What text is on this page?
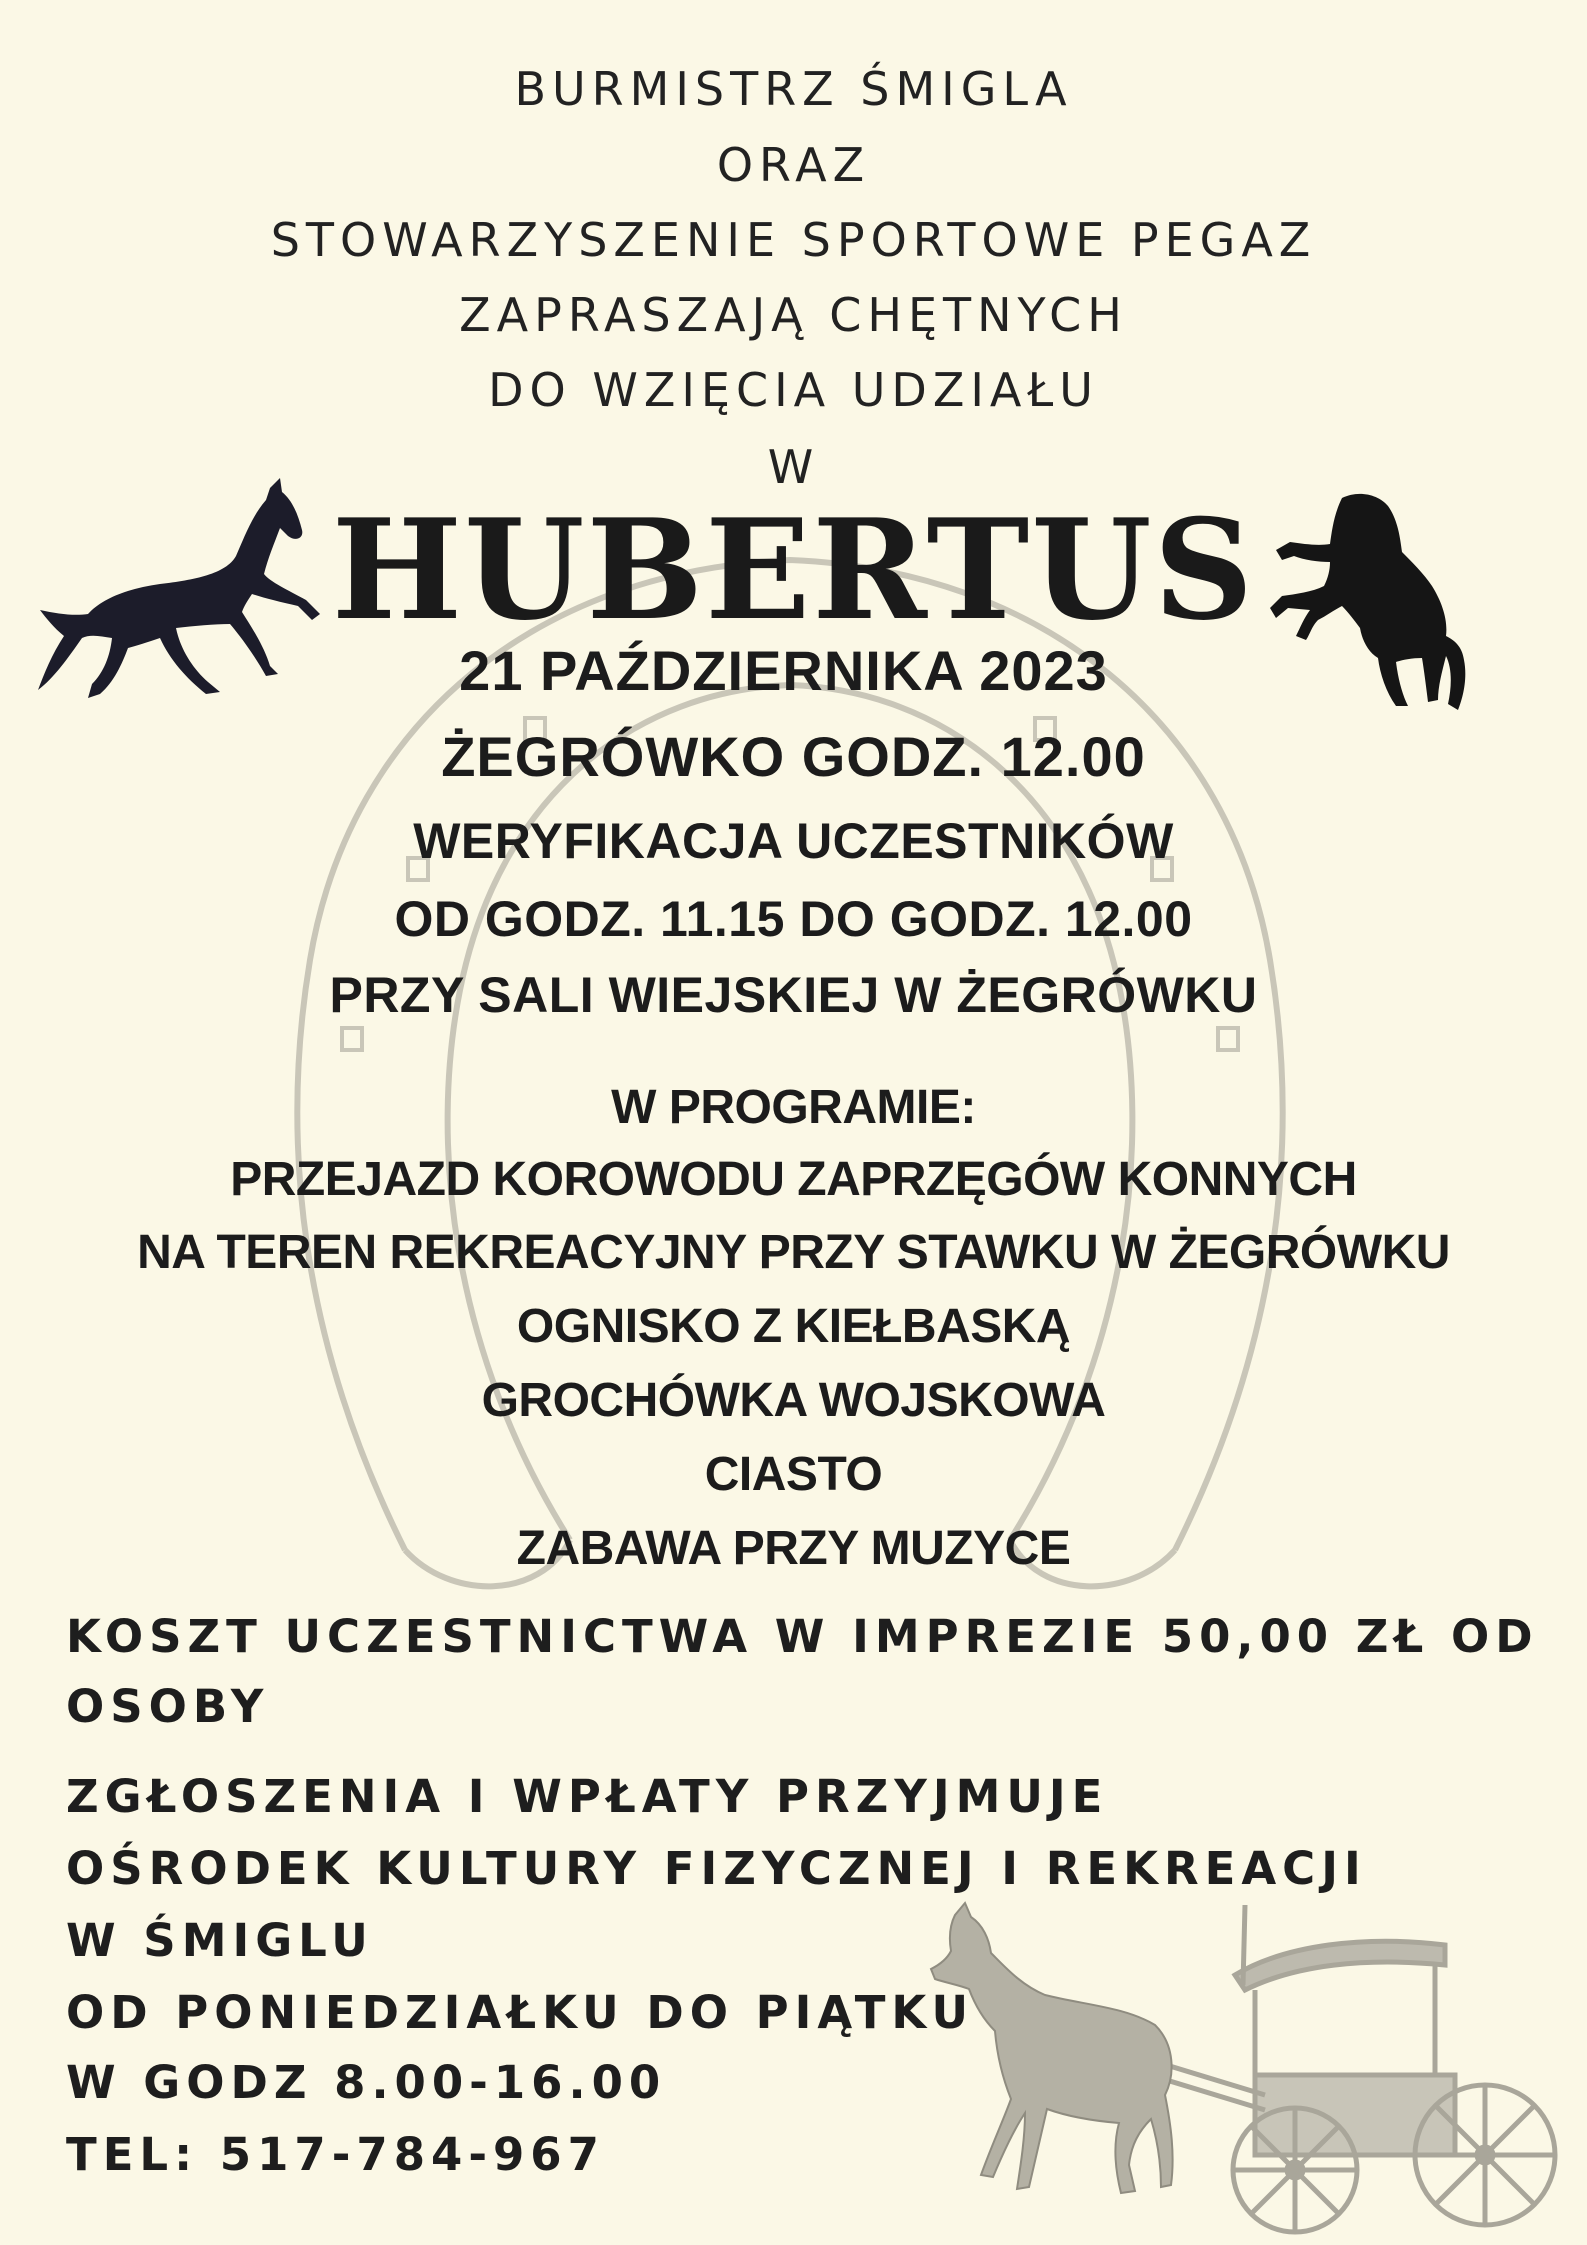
BURMISTRZ ŚMIGLA
ORAZ
STOWARZYSZENIE SPORTOWE PEGAZ
ZAPRASZAJĄ CHĘTNYCH
DO WZIĘCIA UDZIAŁU
W
HUBERTUS
21 PAŹDZIERNIKA 2023
ŻEGRÓWKO GODZ. 12.00
WERYFIKACJA UCZESTNIKÓW
OD GODZ. 11.15 DO GODZ. 12.00
PRZY SALI WIEJSKIEJ W ŻEGRÓWKU
W PROGRAMIE:
PRZEJAZD KOROWODU ZAPRZĘGÓW KONNYCH
NA TEREN REKREACYJNY PRZY STAWKU W ŻEGRÓWKU
OGNISKO Z KIEŁBASKĄ
GROCHÓWKA WOJSKOWA
CIASTO
ZABAWA PRZY MUZYCE
KOSZT UCZESTNICTWA W IMPREZIE 50,00 ZŁ OD
OSOBY
ZGŁOSZENIA I WPŁATY PRZYJMUJE
OŚRODEK KULTURY FIZYCZNEJ I REKREACJI
W ŚMIGLU
OD PONIEDZIAŁKU DO PIĄTKU
W GODZ 8.00-16.00
TEL: 517-784-967
